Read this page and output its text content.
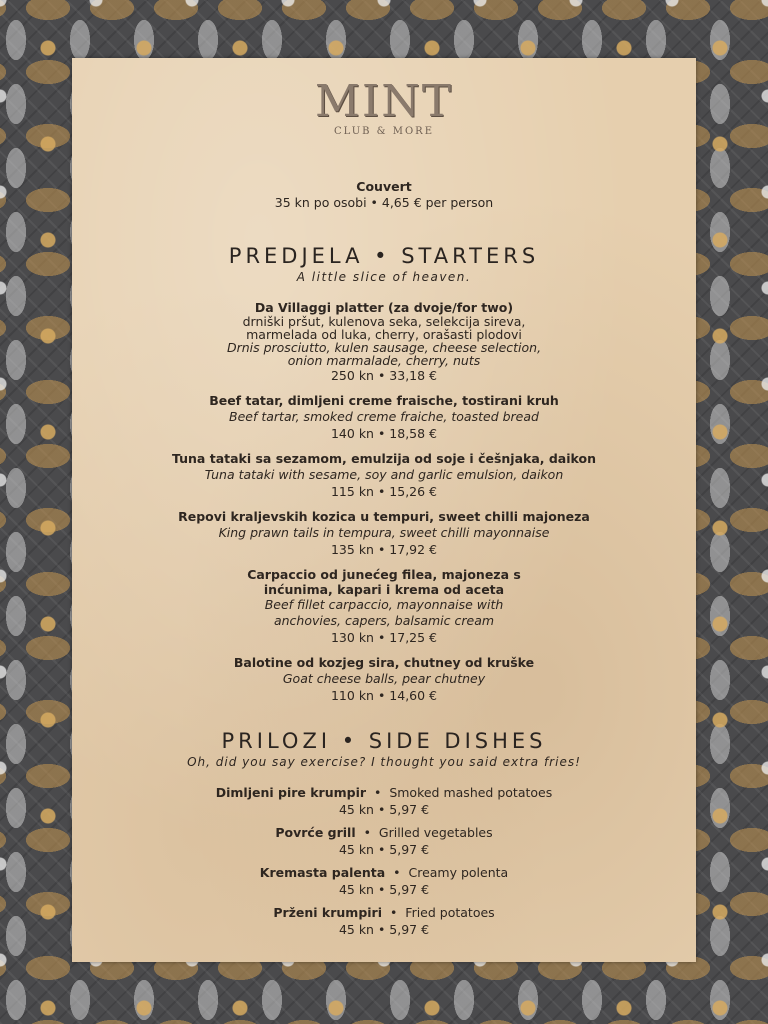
MINT
CLUB & MORE
Couvert
35 kn po osobi • 4,65 € per person
PREDJELA • STARTERS
A little slice of heaven.
Da Villaggi platter (za dvoje/for two)
drniški pršut, kulenova seka, selekcija sireva,
marmelada od luka, cherry, orašasti plodovi
Drnis prosciutto, kulen sausage, cheese selection,
onion marmalade, cherry, nuts
250 kn • 33,18 €
Beef tatar, dimljeni creme fraische, tostirani kruh
Beef tartar, smoked creme fraiche, toasted bread
140 kn • 18,58 €
Tuna tataki sa sezamom, emulzija od soje i češnjaka, daikon
Tuna tataki with sesame, soy and garlic emulsion, daikon
115 kn • 15,26 €
Repovi kraljevskih kozica u tempuri, sweet chilli majoneza
King prawn tails in tempura, sweet chilli mayonnaise
135 kn • 17,92 €
Carpaccio od junećeg filea, majoneza s
inćunima, kapari i krema od aceta
Beef fillet carpaccio, mayonnaise with
anchovies, capers, balsamic cream
130 kn • 17,25 €
Balotine od kozjeg sira, chutney od kruške
Goat cheese balls, pear chutney
110 kn • 14,60 €
PRILOZI • SIDE DISHES
Oh, did you say exercise? I thought you said extra fries!
Dimljeni pire krumpir  •  Smoked mashed potatoes
45 kn • 5,97 €
Povrće grill  •  Grilled vegetables
45 kn • 5,97 €
Kremasta palenta  •  Creamy polenta
45 kn • 5,97 €
Prženi krumpiri  •  Fried potatoes
45 kn • 5,97 €
